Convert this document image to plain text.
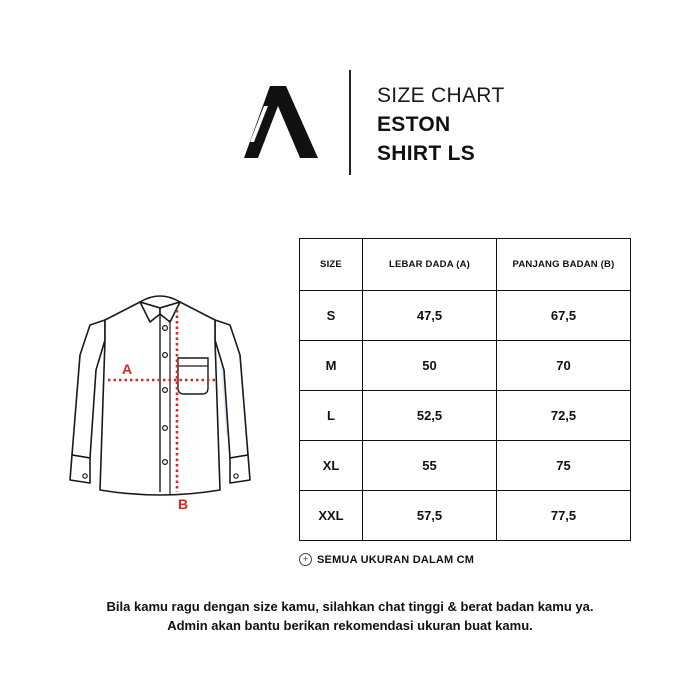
SIZE CHART
ESTON
SHIRT LS
A
B
SIZE	LEBAR DADA (A)	PANJANG BADAN (B)
S	47,5	67,5
M	50	70
L	52,5	72,5
XL	55	75
XXL	57,5	77,5
+ SEMUA UKURAN DALAM CM
Bila kamu ragu dengan size kamu, silahkan chat tinggi & berat badan kamu ya.
Admin akan bantu berikan rekomendasi ukuran buat kamu.
